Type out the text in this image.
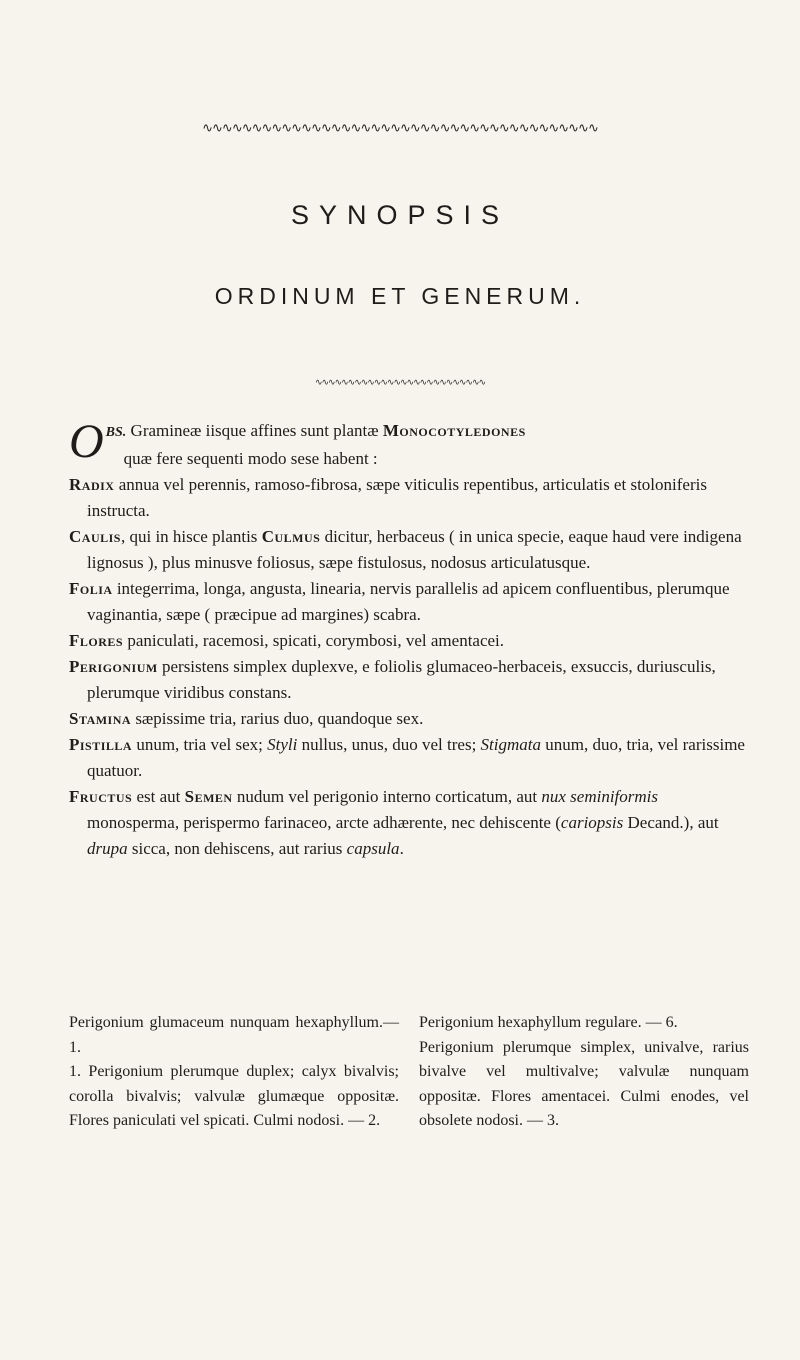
∿∿∿∿∿∿∿∿∿∿∿∿∿∿∿∿∿∿∿∿∿∿∿∿∿∿∿∿∿∿∿∿∿∿∿∿∿∿∿∿
SYNOPSIS
ORDINUM ET GENERUM.
∿∿∿∿∿∿∿∿∿∿∿∿∿∿∿∿∿∿∿∿∿∿∿∿∿∿

OBS. Gramineæ iisque affines sunt plantæ Monocotyledones
quæ fere sequenti modo sese habent :

Radix annua vel perennis, ramoso-fibrosa, sæpe viticulis repentibus, articulatis et stoloniferis instructa.

Caulis, qui in hisce plantis Culmus dicitur, herbaceus ( in unica specie, eaque haud vere indigena lignosus ), plus minusve foliosus, sæpe fistulosus, nodosus articulatusque.

Folia integerrima, longa, angusta, linearia, nervis parallelis ad apicem confluentibus, plerumque vaginantia, sæpe ( præcipue ad margines) scabra.

Flores paniculati, racemosi, spicati, corymbosi, vel amentacei.

Perigonium persistens simplex duplexve, e foliolis glumaceo-herbaceis, exsuccis, duriusculis, plerumque viridibus constans.

Stamina sæpissime tria, rarius duo, quandoque sex.

Pistilla unum, tria vel sex; Styli nullus, unus, duo vel tres; Stigmata unum, duo, tria, vel rarissime quatuor.

Fructus est aut Semen nudum vel perigonio interno corticatum, aut nux seminiformis monosperma, perispermo farinaceo, arcte adhærente, nec dehiscente (cariopsis Decand.), aut drupa sicca, non dehiscens, aut rarius capsula.

Perigonium glumaceum nunquam hexaphyllum.— 1.

1. Perigonium plerumque duplex; calyx bivalvis; corolla bivalvis; valvulæ glumæque oppositæ. Flores paniculati vel spicati. Culmi nodosi. — 2.

Perigonium hexaphyllum regulare. — 6.

Perigonium plerumque simplex, univalve, rarius bivalve vel multivalve; valvulæ nunquam oppositæ. Flores amentacei. Culmi enodes, vel obsolete nodosi. — 3.
